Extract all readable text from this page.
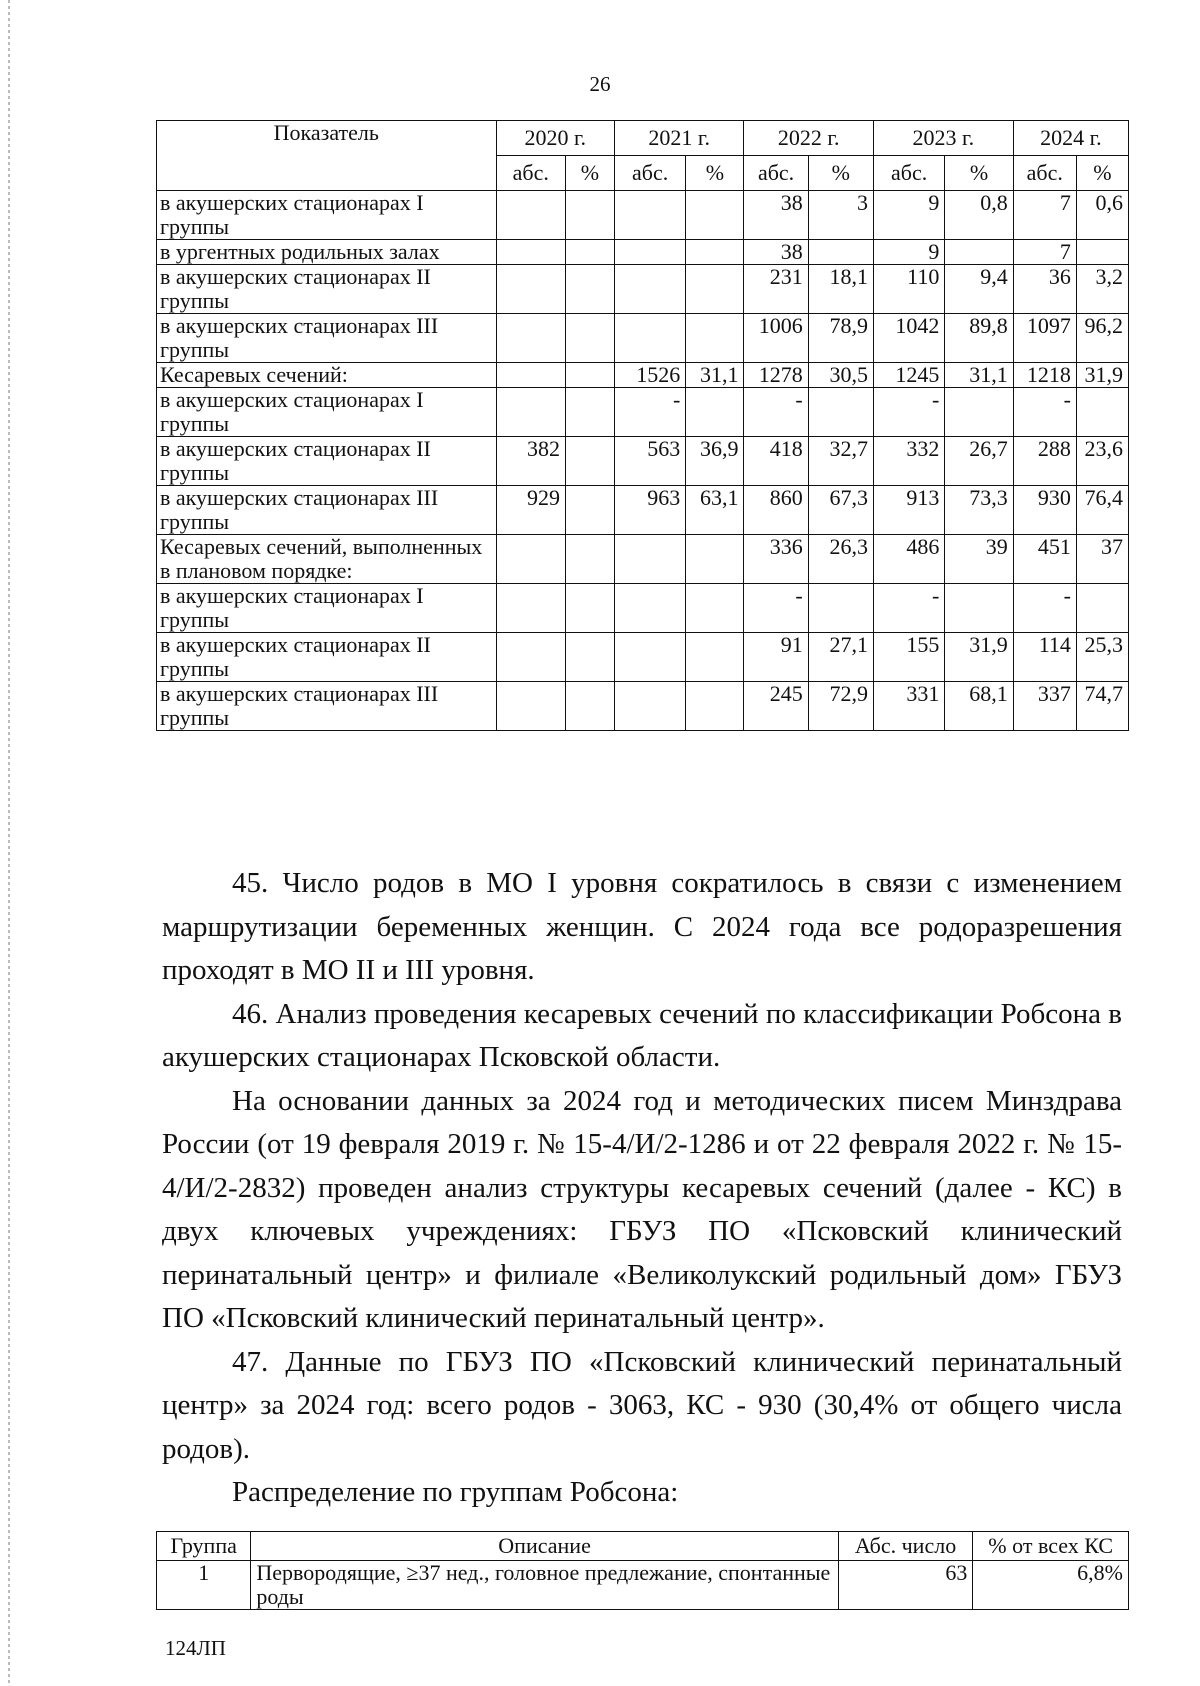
26
Показатель	2020 г.		2021 г.		2022 г.		2023 г.		2024 г.	
	абс.	%	абс.	%	абс.	%	абс.	%	абс.	%
в акушерских стационарах I группы					38	3	9	0,8	7	0,6
в ургентных родильных залах					38		9		7	
в акушерских стационарах II группы					231	18,1	110	9,4	36	3,2
в акушерских стационарах III группы					1006	78,9	1042	89,8	1097	96,2
Кесаревых сечений:			1526	31,1	1278	30,5	1245	31,1	1218	31,9
в акушерских стационарах I группы			-		-		-		-	
в акушерских стационарах II группы	382		563	36,9	418	32,7	332	26,7	288	23,6
в акушерских стационарах III группы	929		963	63,1	860	67,3	913	73,3	930	76,4
Кесаревых сечений, выполненных в плановом порядке:					336	26,3	486	39	451	37
в акушерских стационарах I группы					-		-		-	
в акушерских стационарах II группы					91	27,1	155	31,9	114	25,3
в акушерских стационарах III группы					245	72,9	331	68,1	337	74,7

45. Число родов в МО I уровня сократилось в связи с изменением маршрутизации беременных женщин. С 2024 года все родоразрешения проходят в МО II и III уровня.

46. Анализ проведения кесаревых сечений по классификации Робсона в акушерских стационарах Псковской области.

На основании данных за 2024 год и методических писем Минздрава России (от 19 февраля 2019 г. № 15-4/И/2-1286 и от 22 февраля 2022 г. № 15-4/И/2-2832) проведен анализ структуры кесаревых сечений (далее - КС) в двух ключевых учреждениях: ГБУЗ ПО «Псковский клинический перинатальный центр» и филиале «Великолукский родильный дом» ГБУЗ ПО «Псковский клинический перинатальный центр».

47. Данные по ГБУЗ ПО «Псковский клинический перинатальный центр» за 2024 год: всего родов - 3063, КС - 930 (30,4% от общего числа родов).

Распределение по группам Робсона:

Группа	Описание	Абс. число	% от всех КС
1	Первородящие, ≥37 нед., головное предлежание, спонтанные роды	63	6,8%
124ЛП
